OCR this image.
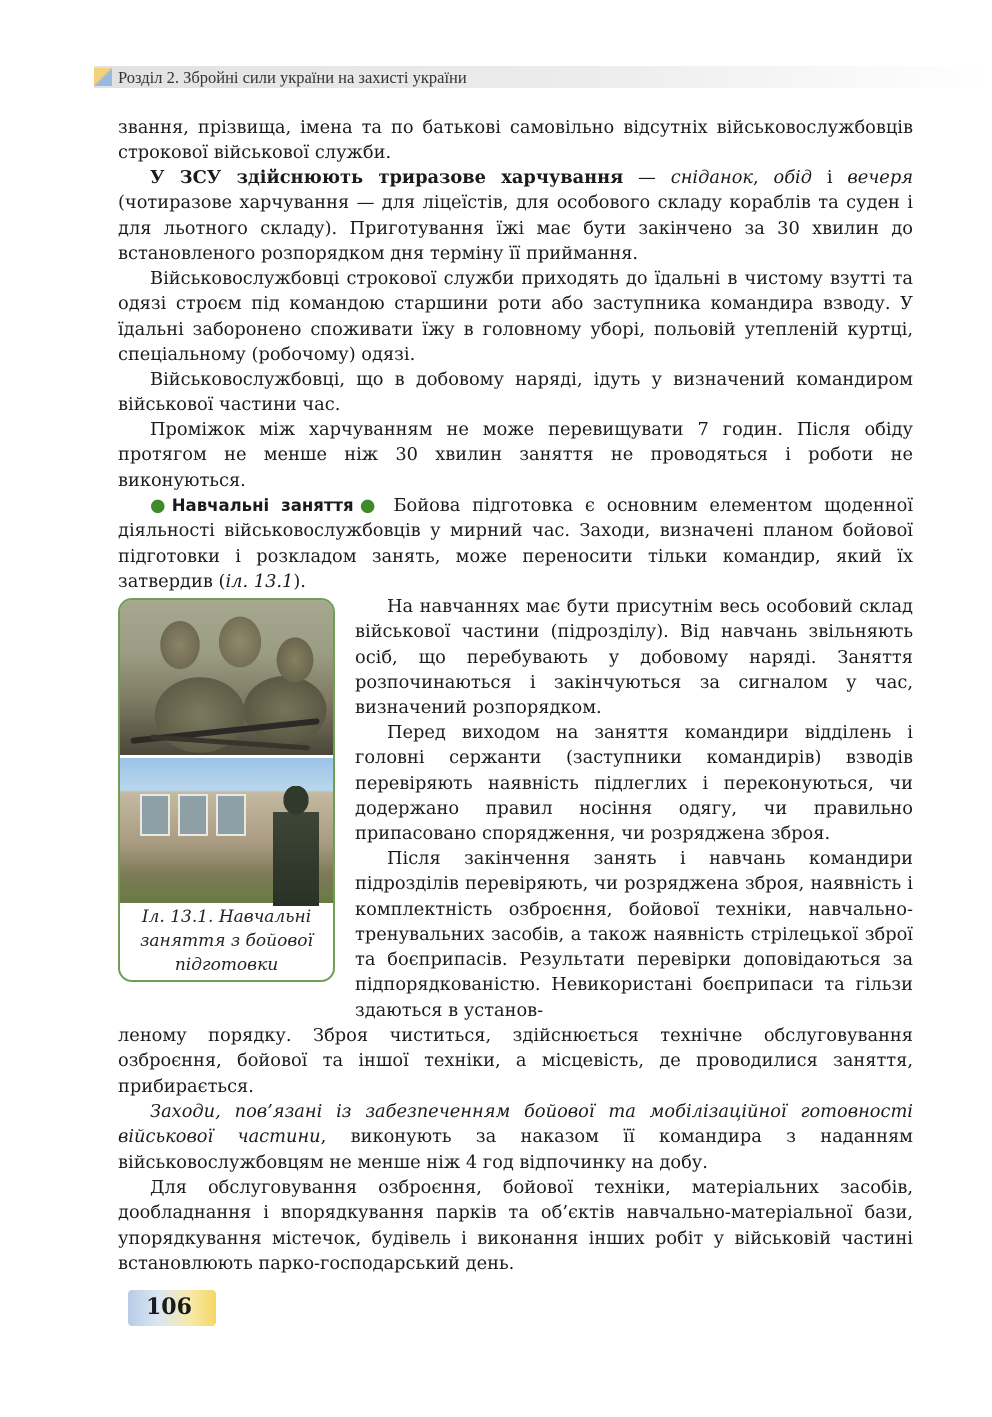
Розділ 2. Збройні сили україни на захисті україни

звання, прізвища, імена та по батькові самовільно відсутніх військовослужбовців строкової військової служби.

У ЗСУ здійснюють триразове харчування — сніданок, обід і вечеря (чотиразове харчування — для ліцеїстів, для особового складу кораблів та суден і для льотного складу). Приготування їжі має бути закінчено за 30 хвилин до встановленого розпорядком дня терміну її приймання.

Військовослужбовці строкової служби приходять до їдальні в чистому взутті та одязі строєм під командою старшини роти або заступника командира взводу. У їдальні заборонено споживати їжу в головному уборі, польовій утепленій куртці, спеціальному (робочому) одязі.

Військовослужбовці, що в добовому наряді, ідуть у визначений командиром військової частини час.

Проміжок між харчуванням не може перевищувати 7 годин. Після обіду протягом не менше ніж 30 хвилин заняття не проводяться і роботи не виконуються.

●Навчальні заняття● Бойова підготовка є основним елементом щоденної діяльності військовослужбовців у мирний час. Заходи, визначені планом бойової підготовки і розкладом занять, може переносити тільки командир, який їх затвердив (іл. 13.1).

Іл. 13.1. Навчальні
заняття з бойової
підготовки

На навчаннях має бути присутнім весь особовий склад військової частини (підрозділу). Від навчань звільняють осіб, що перебувають у добовому наряді. Заняття розпочинаються і закінчуються за сигналом у час, визначений розпорядком.

Перед виходом на заняття командири відділень і головні сержанти (заступники командирів) взводів перевіряють наявність підлеглих і переконуються, чи додержано правил носіння одягу, чи правильно припасовано спорядження, чи розряджена зброя.

Після закінчення занять і навчань командири підрозділів перевіряють, чи розряджена зброя, наявність і комплектність озброєння, бойової техніки, навчально-тренувальних засобів, а також наявність стрілецької зброї та боєприпасів. Результати перевірки доповідаються за підпорядкованістю. Невикористані боєприпаси та гільзи здаються в установ-

леному порядку. Зброя чиститься, здійснюється технічне обслуговування озброєння, бойової та іншої техніки, а місцевість, де проводилися заняття, прибирається.

Заходи, пов’язані із забезпеченням бойової та мобілізаційної готовності військової частини, виконують за наказом її командира з наданням військовослужбовцям не менше ніж 4 год відпочинку на добу.

Для обслуговування озброєння, бойової техніки, матеріальних засобів, дообладнання і впорядкування парків та об’єктів навчально-матеріальної бази, упорядкування містечок, будівель і виконання інших робіт у військовій частині встановлюють парко-господарський день.

106
